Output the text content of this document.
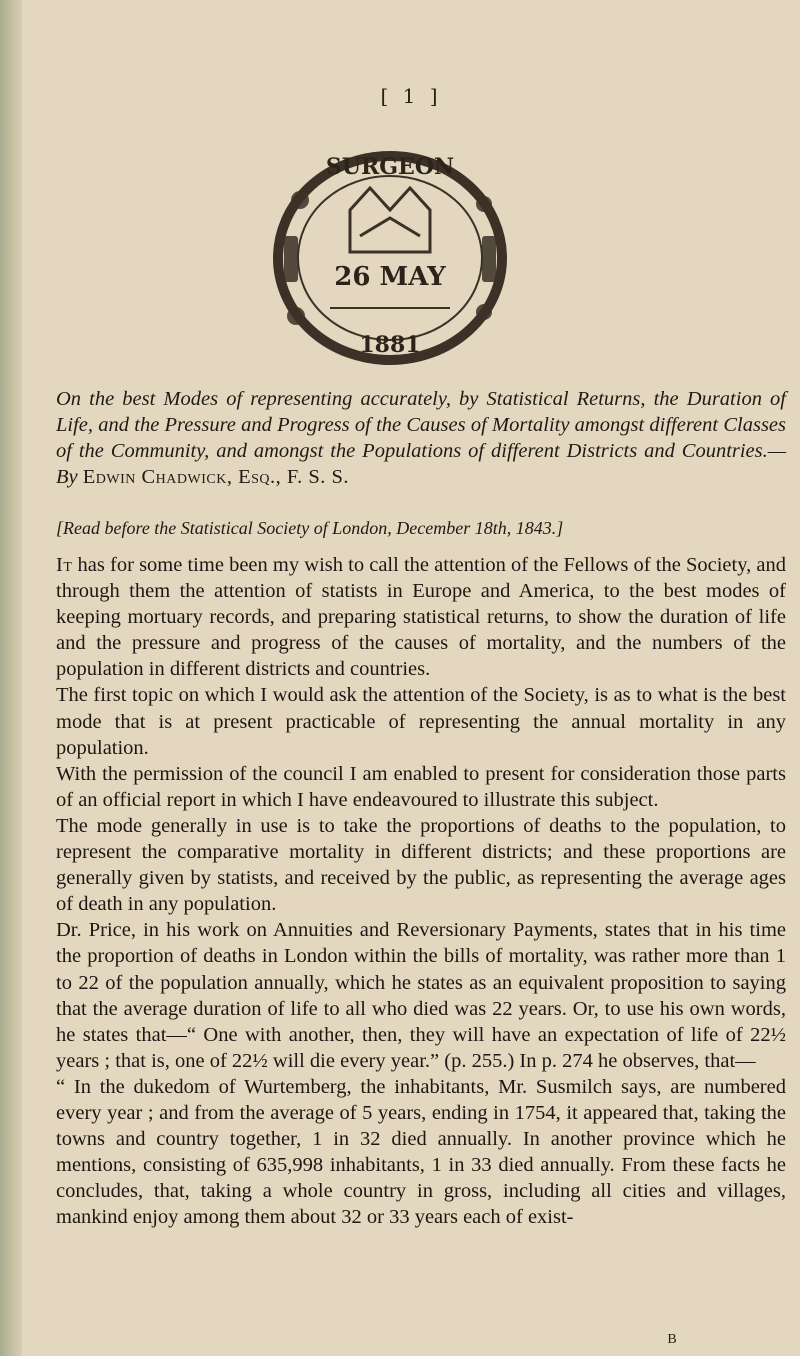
[ 1 ]
SURGEON
26 MAY
1881
On the best Modes of representing accurately, by Statistical Returns, the Duration of Life, and the Pressure and Progress of the Causes of Mortality amongst different Classes of the Community, and amongst the Populations of different Districts and Countries.—By Edwin Chadwick, Esq., F. S. S.
[Read before the Statistical Society of London, December 18th, 1843.]

It has for some time been my wish to call the attention of the Fellows of the Society, and through them the attention of statists in Europe and America, to the best modes of keeping mortuary records, and preparing statistical returns, to show the duration of life and the pressure and progress of the causes of mortality, and the numbers of the population in different districts and countries.

The first topic on which I would ask the attention of the Society, is as to what is the best mode that is at present practicable of representing the annual mortality in any population.

With the permission of the council I am enabled to present for consideration those parts of an official report in which I have endeavoured to illustrate this subject.

The mode generally in use is to take the proportions of deaths to the population, to represent the comparative mortality in different districts; and these proportions are generally given by statists, and received by the public, as representing the average ages of death in any population.

Dr. Price, in his work on Annuities and Reversionary Payments, states that in his time the proportion of deaths in London within the bills of mortality, was rather more than 1 to 22 of the population annually, which he states as an equivalent proposition to saying that the average duration of life to all who died was 22 years. Or, to use his own words, he states that—“ One with another, then, they will have an expectation of life of 22½ years ; that is, one of 22½ will die every year.” (p. 255.) In p. 274 he observes, that—

“ In the dukedom of Wurtemberg, the inhabitants, Mr. Susmilch says, are numbered every year ; and from the average of 5 years, ending in 1754, it appeared that, taking the towns and country together, 1 in 32 died annually. In another province which he mentions, consisting of 635,998 inhabitants, 1 in 33 died annually. From these facts he concludes, that, taking a whole country in gross, including all cities and villages, mankind enjoy among them about 32 or 33 years each of exist-

B
